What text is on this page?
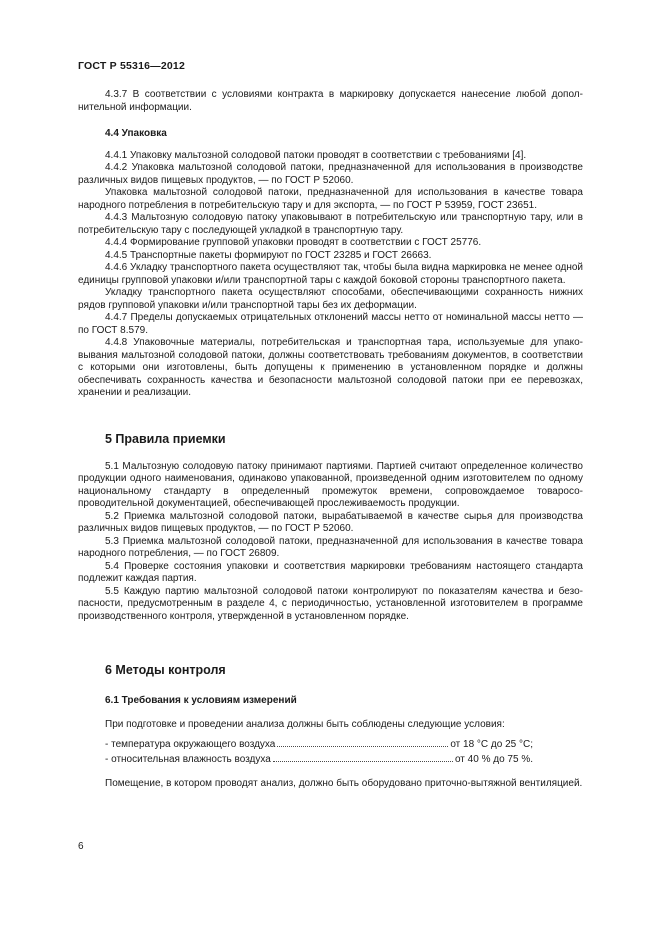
ГОСТ Р 55316—2012

4.3.7 В соответствии с условиями контракта в маркировку допускается нанесение любой дополнительной информации.

4.4 Упаковка

4.4.1 Упаковку мальтозной солодовой патоки проводят в соответствии с требованиями [4].

4.4.2 Упаковка мальтозной солодовой патоки, предназначенной для использования в производстве различных видов пищевых продуктов, — по ГОСТ Р 52060.

Упаковка мальтозной солодовой патоки, предназначенной для использования в качестве товара народного потребления в потребительскую тару и для экспорта, — по ГОСТ Р 53959, ГОСТ 23651.

4.4.3 Мальтозную солодовую патоку упаковывают в потребительскую или транспортную тару, или в потребительскую тару с последующей укладкой в транспортную тару.

4.4.4 Формирование групповой упаковки проводят в соответствии с ГОСТ 25776.

4.4.5 Транспортные пакеты формируют по ГОСТ 23285 и ГОСТ 26663.

4.4.6 Укладку транспортного пакета осуществляют так, чтобы была видна маркировка не менее одной единицы групповой упаковки и/или транспортной тары с каждой боковой стороны транспортного пакета.

Укладку транспортного пакета осуществляют способами, обеспечивающими сохранность нижних рядов групповой упаковки и/или транспортной тары без их деформации.

4.4.7 Пределы допускаемых отрицательных отклонений массы нетто от номинальной массы нетто — по ГОСТ 8.579.

4.4.8 Упаковочные материалы, потребительская и транспортная тара, используемые для упаковывания мальтозной солодовой патоки, должны соответствовать требованиям документов, в соответствии с которыми они изготовлены, быть допущены к применению в установленном порядке и должны обеспечивать сохранность качества и безопасности мальтозной солодовой патоки при ее перевозках, хранении и реализации.

5 Правила приемки

5.1 Мальтозную солодовую патоку принимают партиями. Партией считают определенное количество продукции одного наименования, одинаково упакованной, произведенной одним изготовителем по одному национальному стандарту в определенный промежуток времени, сопровождаемое товаросопроводительной документацией, обеспечивающей прослеживаемость продукции.

5.2 Приемка мальтозной солодовой патоки, вырабатываемой в качестве сырья для производства различных видов пищевых продуктов, — по ГОСТ Р 52060.

5.3 Приемка мальтозной солодовой патоки, предназначенной для использования в качестве товара народного потребления, — по ГОСТ 26809.

5.4 Проверке состояния упаковки и соответствия маркировки требованиям настоящего стандарта подлежит каждая партия.

5.5 Каждую партию мальтозной солодовой патоки контролируют по показателям качества и безопасности, предусмотренным в разделе 4, с периодичностью, установленной изготовителем в программе производственного контроля, утвержденной в установленном порядке.

6 Методы контроля
6.1 Требования к условиям измерений

При подготовке и проведении анализа должны быть соблюдены следующие условия:

- температура окружающего воздуха	от 18 °С до 25 °С;
- относительная влажность воздуха	от 40 % до 75 %.

Помещение, в котором проводят анализ, должно быть оборудовано приточно-вытяжной вентиляцией.

6
